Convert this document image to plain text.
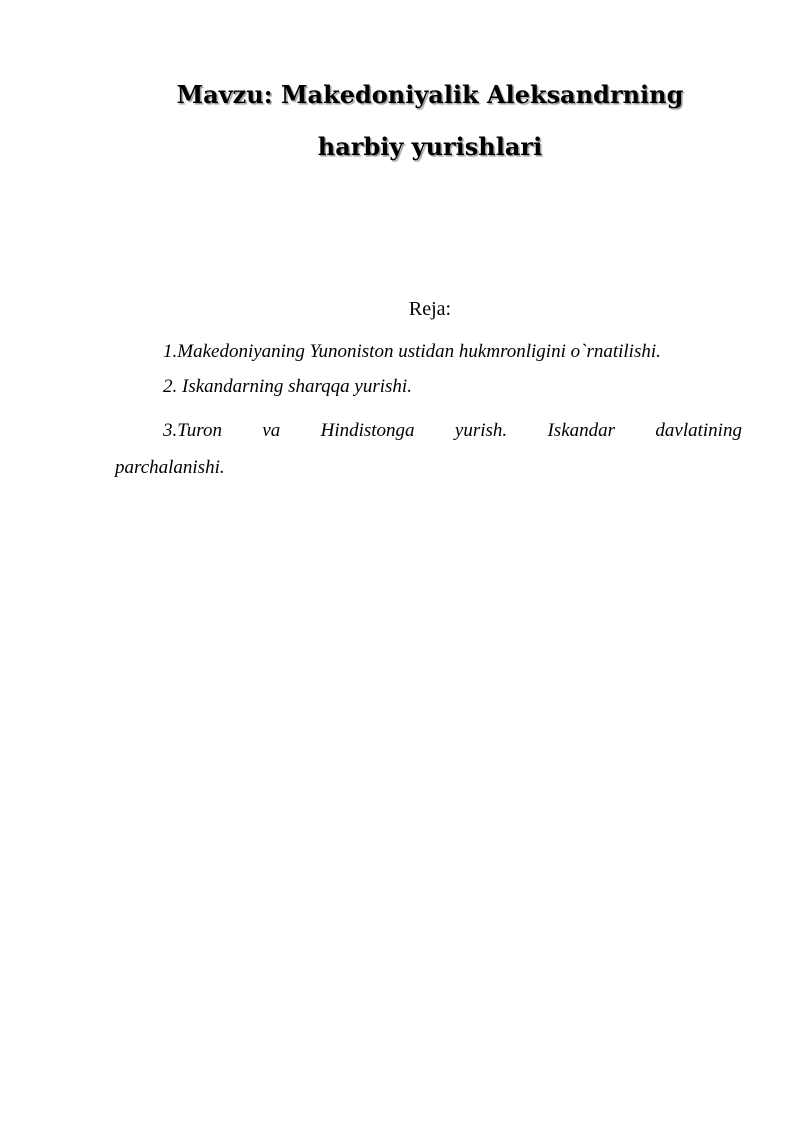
Mavzu: Makedoniyalik Aleksandrning
harbiy yurishlari
Reja:
1.Makedoniyaning Yunoniston ustidan hukmronligini o`rnatilishi.
2. Iskandarning sharqqa yurishi.
3.Turon va Hindistonga yurish. Iskandar davlatining
parchalanishi.
